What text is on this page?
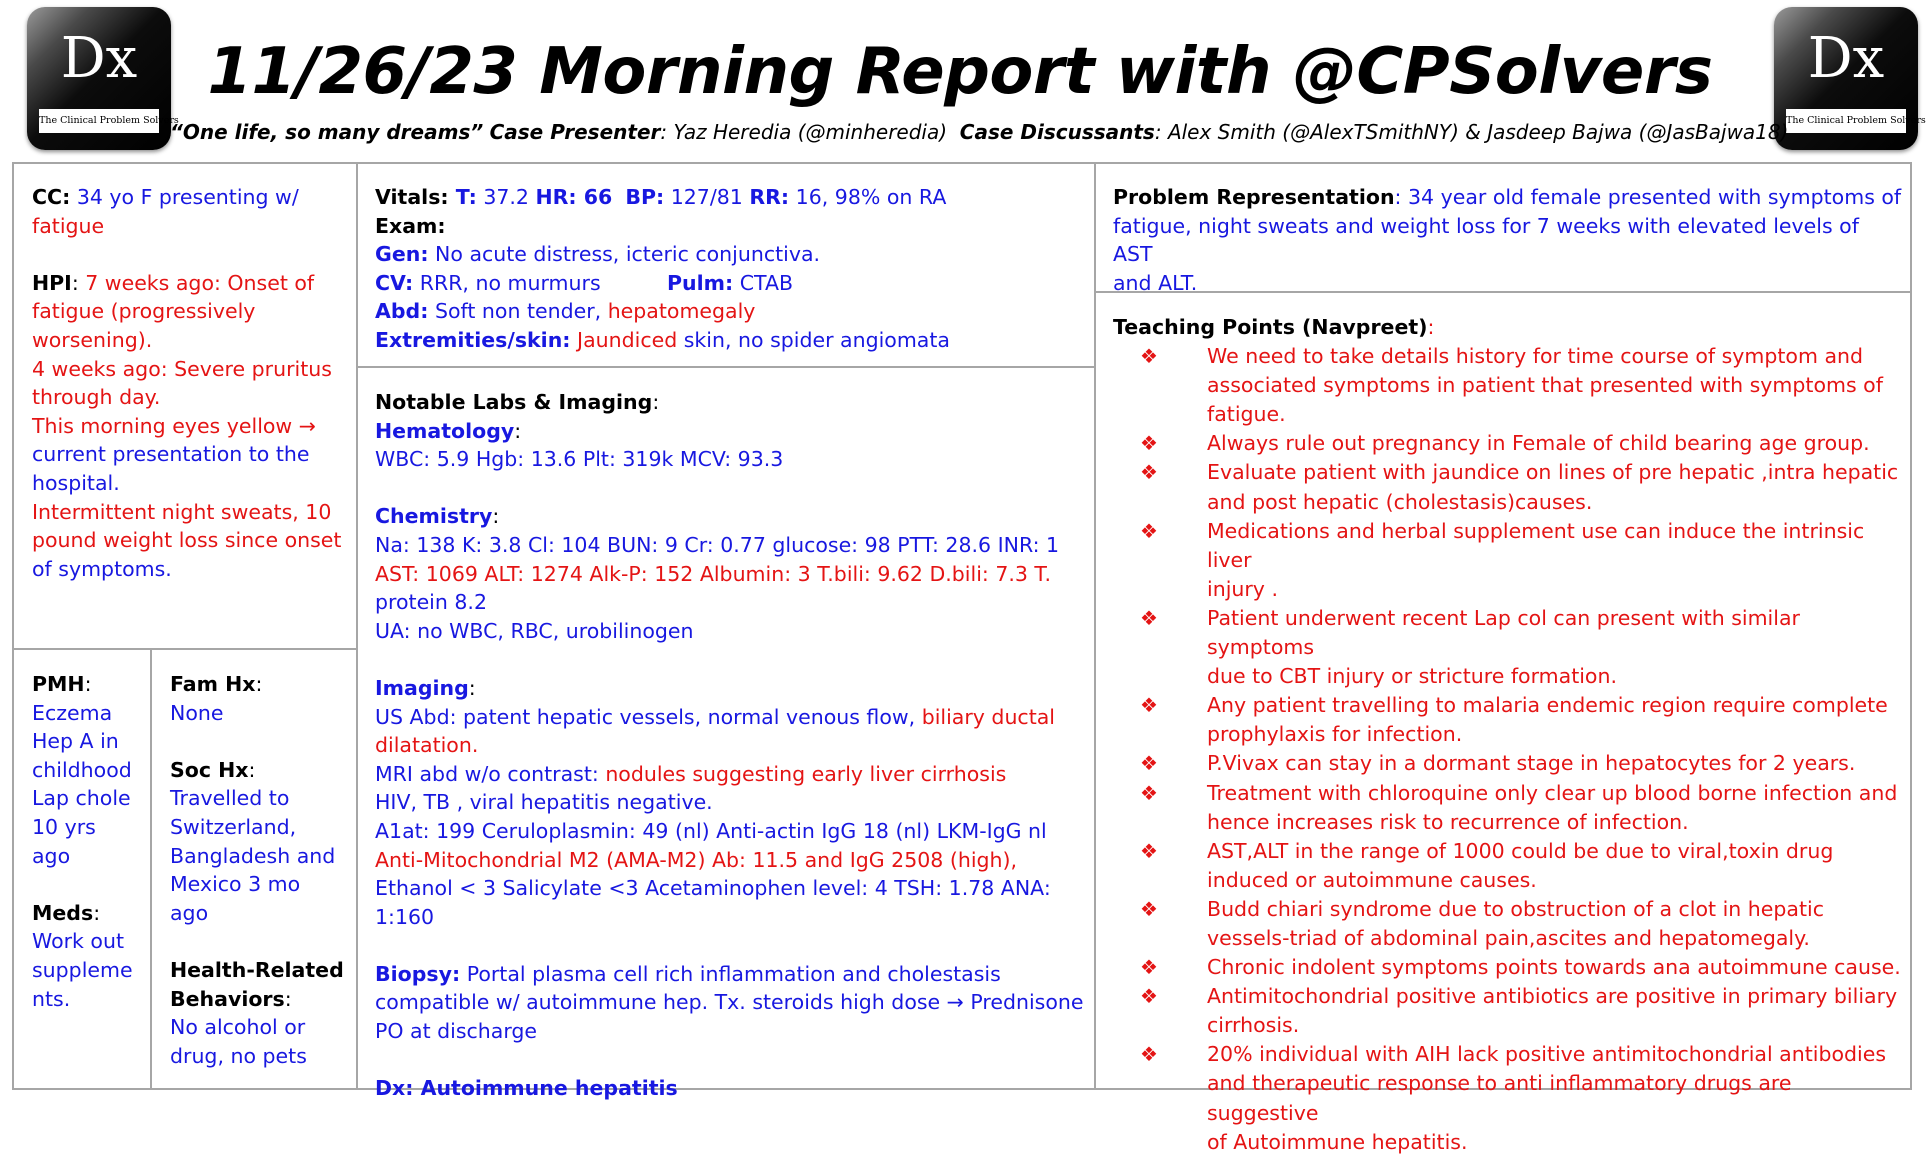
Dx
The Clinical Problem Solvers
Dx
The Clinical Problem Solvers
11/26/23 Morning Report with @CPSolvers
“One life, so many dreams” Case Presenter: Yaz Heredia (@minheredia) Case Discussants: Alex Smith (@AlexTSmithNY) & Jasdeep Bajwa (@JasBajwa18)
CC: 34 yo F presenting w/
fatigue
HPI: 7 weeks ago: Onset of
fatigue (progressively
worsening).
4 weeks ago: Severe pruritus
through day.
This morning eyes yellow →
current presentation to the
hospital.
Intermittent night sweats, 10
pound weight loss since onset
of symptoms.
PMH:
Eczema
Hep A in
childhood
Lap chole
10 yrs
ago
Meds:
Work out
suppleme
nts.
Fam Hx:
None
Soc Hx:
Travelled to
Switzerland,
Bangladesh and
Mexico 3 mo
ago
Health-Related
Behaviors:
No alcohol or
drug, no pets
Vitals: T: 37.2 HR: 66 BP: 127/81 RR: 16, 98% on RA
Exam:
Gen: No acute distress, icteric conjunctiva.
CV: RRR, no murmurs	Pulm: CTAB
Abd: Soft non tender, hepatomegaly
Extremities/skin: Jaundiced skin, no spider angiomata
Notable Labs & Imaging:
Hematology:
WBC: 5.9 Hgb: 13.6 Plt: 319k MCV: 93.3
Chemistry:
Na: 138 K: 3.8 Cl: 104 BUN: 9 Cr: 0.77 glucose: 98 PTT: 28.6 INR: 1
AST: 1069 ALT: 1274 Alk-P: 152 Albumin: 3 T.bili: 9.62 D.bili: 7.3 T.
protein 8.2
UA: no WBC, RBC, urobilinogen
Imaging:
US Abd: patent hepatic vessels, normal venous flow, biliary ductal
dilatation.
MRI abd w/o contrast: nodules suggesting early liver cirrhosis
HIV, TB , viral hepatitis negative.
A1at: 199 Ceruloplasmin: 49 (nl) Anti-actin IgG 18 (nl) LKM-IgG nl
Anti-Mitochondrial M2 (AMA-M2) Ab: 11.5 and IgG 2508 (high),
Ethanol < 3 Salicylate <3 Acetaminophen level: 4 TSH: 1.78 ANA: 1:160
Biopsy: Portal plasma cell rich inflammation and cholestasis
compatible w/ autoimmune hep. Tx. steroids high dose → Prednisone
PO at discharge
Dx: Autoimmune hepatitis
Problem Representation: 34 year old female presented with symptoms of
fatigue, night sweats and weight loss for 7 weeks with elevated levels of AST
and ALT.
Teaching Points (Navpreet):
❖ We need to take details history for time course of symptom and
associated symptoms in patient that presented with symptoms of
fatigue.
❖ Always rule out pregnancy in Female of child bearing age group.
❖ Evaluate patient with jaundice on lines of pre hepatic ,intra hepatic
and post hepatic (cholestasis)causes.
❖ Medications and herbal supplement use can induce the intrinsic liver
injury .
❖ Patient underwent recent Lap col can present with similar symptoms
due to CBT injury or stricture formation.
❖ Any patient travelling to malaria endemic region require complete
prophylaxis for infection.
❖ P.Vivax can stay in a dormant stage in hepatocytes for 2 years.
❖ Treatment with chloroquine only clear up blood borne infection and
hence increases risk to recurrence of infection.
❖ AST,ALT in the range of 1000 could be due to viral,toxin drug
induced or autoimmune causes.
❖ Budd chiari syndrome due to obstruction of a clot in hepatic
vessels-triad of abdominal pain,ascites and hepatomegaly.
❖ Chronic indolent symptoms points towards ana autoimmune cause.
❖ Antimitochondrial positive antibiotics are positive in primary biliary
cirrhosis.
❖ 20% individual with AIH lack positive antimitochondrial antibodies
and therapeutic response to anti inflammatory drugs are suggestive
of Autoimmune hepatitis.
